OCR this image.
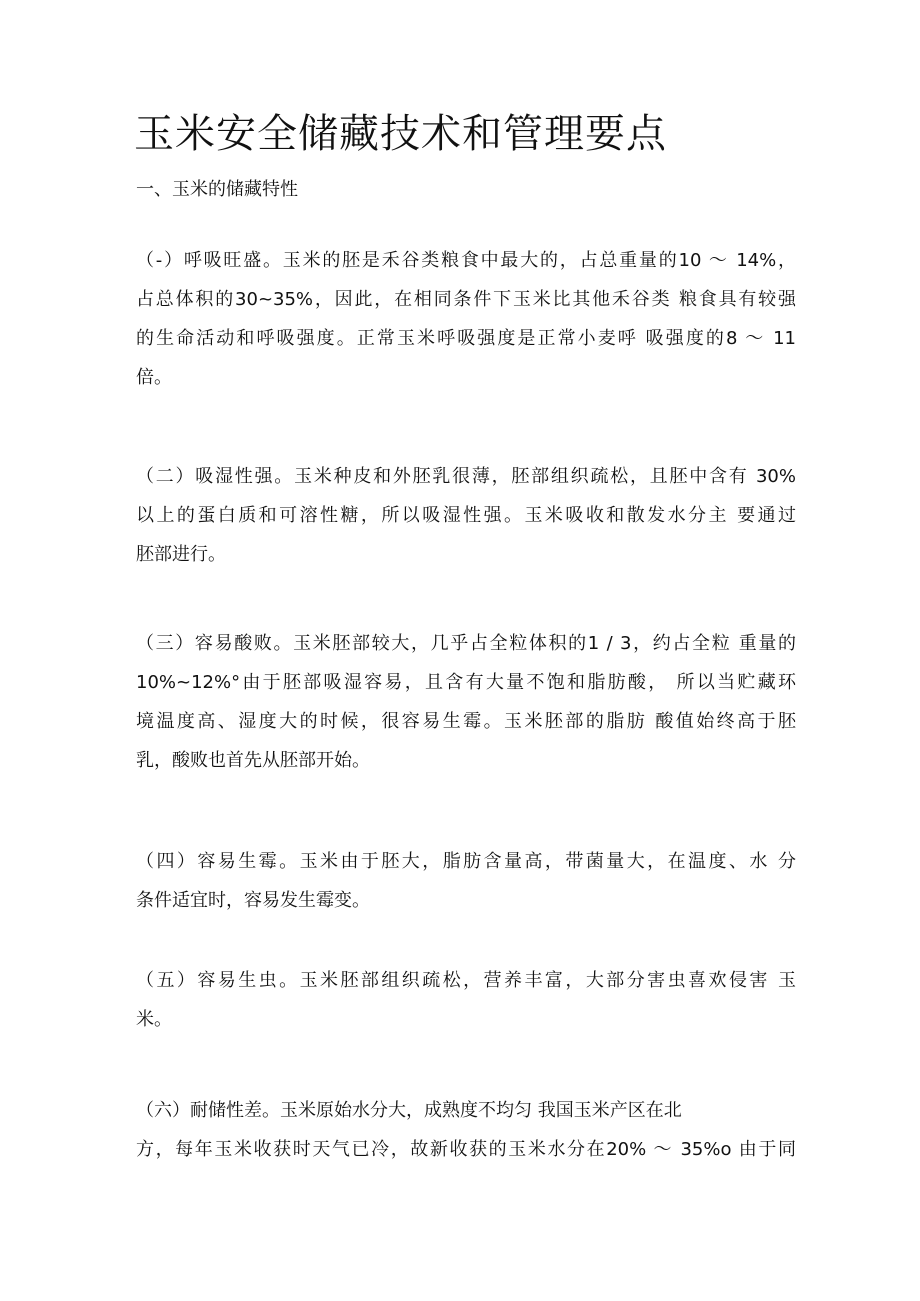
玉米安全储藏技术和管理要点
一、玉米的储藏特性
（-）呼吸旺盛。玉米的胚是禾谷类粮食中最大的，占总重量的10 ～ 14%，
占总体积的30~35%，因此，在相同条件下玉米比其他禾谷类 粮食具有较强
的生命活动和呼吸强度。正常玉米呼吸强度是正常小麦呼 吸强度的8 ～ 11
倍。
（二）吸湿性强。玉米种皮和外胚乳很薄，胚部组织疏松，且胚中含有 30%
以上的蛋白质和可溶性糖，所以吸湿性强。玉米吸收和散发水分主 要通过
胚部进行。
（三）容易酸败。玉米胚部较大，几乎占全粒体积的1 / 3，约占全粒 重量的
10%~12%°由于胚部吸湿容易，且含有大量不饱和脂肪酸， 所以当贮藏环
境温度高、湿度大的时候，很容易生霉。玉米胚部的脂肪 酸值始终高于胚
乳，酸败也首先从胚部开始。
（四）容易生霉。玉米由于胚大，脂肪含量高，带菌量大，在温度、水 分
条件适宜时，容易发生霉变。
（五）容易生虫。玉米胚部组织疏松，营养丰富，大部分害虫喜欢侵害 玉
米。
（六）耐储性差。玉米原始水分大，成熟度不均匀 我国玉米产区在北
方，每年玉米收获时天气已冷，故新收获的玉米水分在20% ～ 35%o 由于同
